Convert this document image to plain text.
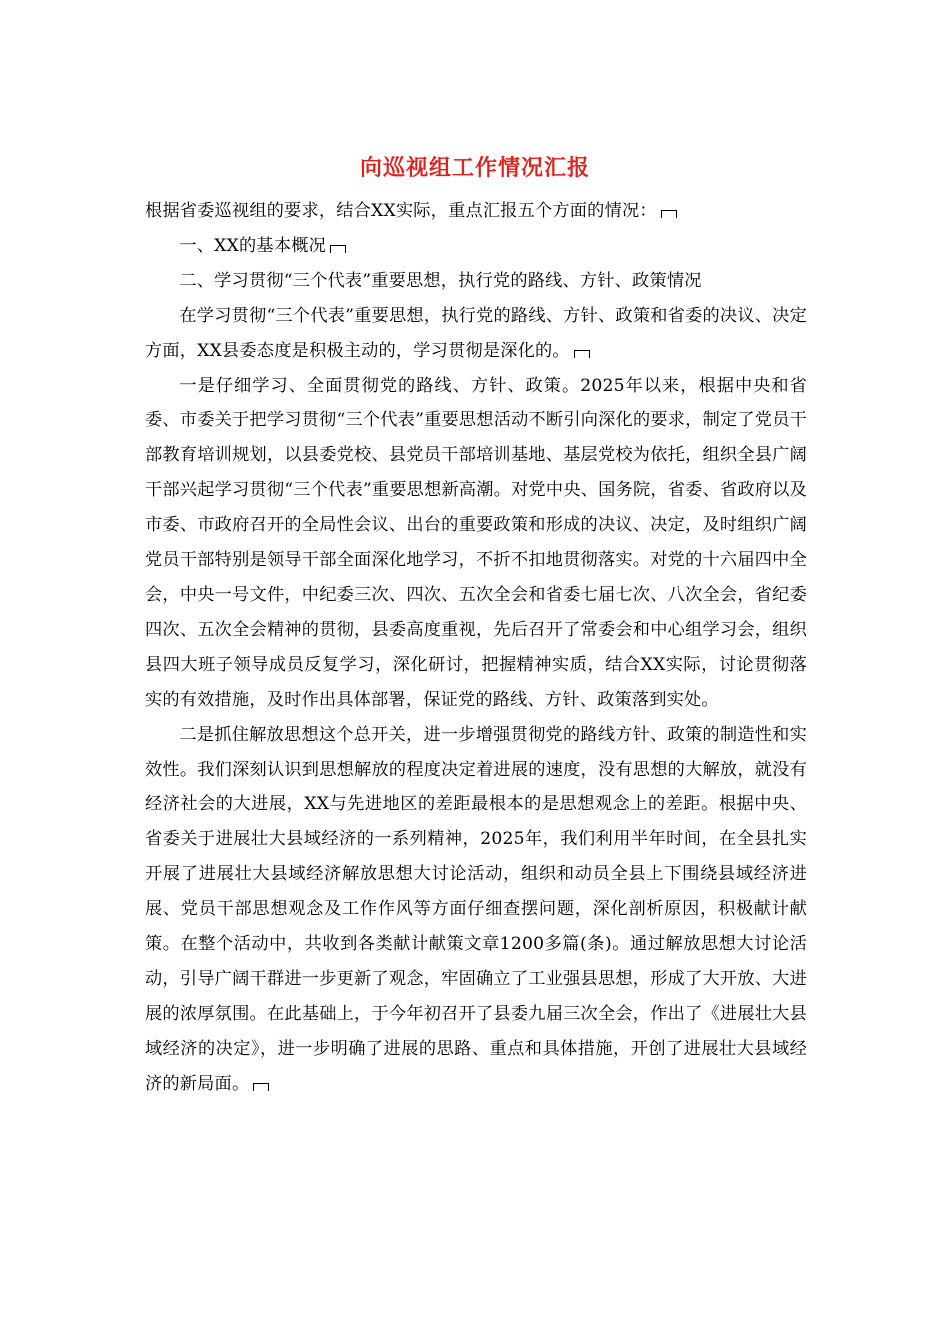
向巡视组工作情况汇报

根据省委巡视组的要求，结合XX实际，重点汇报五个方面的情况：

一、XX的基本概况

二、学习贯彻“三个代表”重要思想，执行党的路线、方针、政策情况

在学习贯彻“三个代表”重要思想，执行党的路线、方针、政策和省委的决议、决定方面，XX县委态度是积极主动的，学习贯彻是深化的。

一是仔细学习、全面贯彻党的路线、方针、政策。2025年以来，根据中央和省委、市委关于把学习贯彻“三个代表”重要思想活动不断引向深化的要求，制定了党员干部教育培训规划，以县委党校、县党员干部培训基地、基层党校为依托，组织全县广阔干部兴起学习贯彻“三个代表”重要思想新高潮。对党中央、国务院，省委、省政府以及市委、市政府召开的全局性会议、出台的重要政策和形成的决议、决定，及时组织广阔党员干部特别是领导干部全面深化地学习，不折不扣地贯彻落实。对党的十六届四中全会，中央一号文件，中纪委三次、四次、五次全会和省委七届七次、八次全会，省纪委四次、五次全会精神的贯彻，县委高度重视，先后召开了常委会和中心组学习会，组织县四大班子领导成员反复学习，深化研讨，把握精神实质，结合XX实际，讨论贯彻落实的有效措施，及时作出具体部署，保证党的路线、方针、政策落到实处。

二是抓住解放思想这个总开关，进一步增强贯彻党的路线方针、政策的制造性和实效性。我们深刻认识到思想解放的程度决定着进展的速度，没有思想的大解放，就没有经济社会的大进展，XX与先进地区的差距最根本的是思想观念上的差距。根据中央、省委关于进展壮大县域经济的一系列精神，2025年，我们利用半年时间，在全县扎实开展了进展壮大县域经济解放思想大讨论活动，组织和动员全县上下围绕县域经济进展、党员干部思想观念及工作作风等方面仔细查摆问题，深化剖析原因，积极献计献策。在整个活动中，共收到各类献计献策文章1200多篇(条)。通过解放思想大讨论活动，引导广阔干群进一步更新了观念，牢固确立了工业强县思想，形成了大开放、大进展的浓厚氛围。在此基础上，于今年初召开了县委九届三次全会，作出了《进展壮大县域经济的决定》，进一步明确了进展的思路、重点和具体措施，开创了进展壮大县域经济的新局面。
